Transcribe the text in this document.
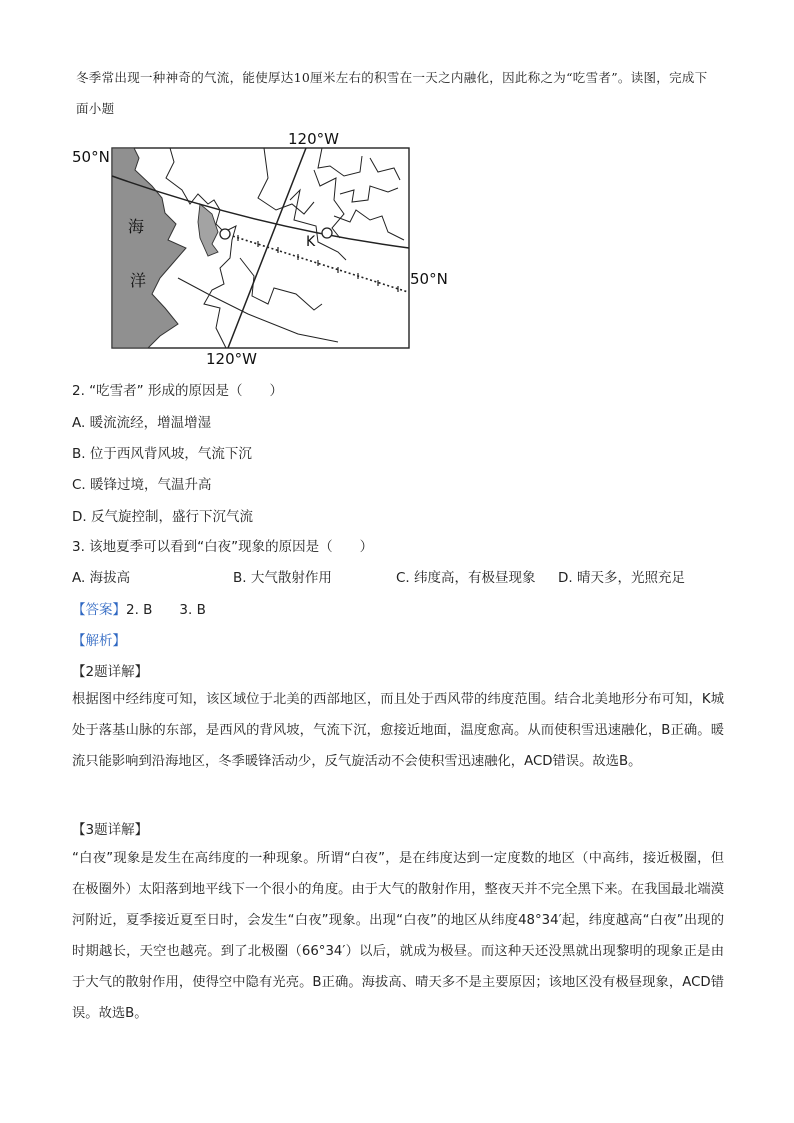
冬季常出现一种神奇的气流，能使厚达10厘米左右的积雪在一天之内融化，因此称之为“吃雪者”。读图，完成下面小题
50°N
50°N
120°W
120°W
海
洋
K
2. “吃雪者” 形成的原因是（　　）
A. 暖流流经，增温增湿
B. 位于西风背风坡，气流下沉
C. 暖锋过境，气温升高
D. 反气旋控制，盛行下沉气流
3. 该地夏季可以看到“白夜”现象的原因是（　　）
A. 海拔高	B. 大气散射作用	C. 纬度高，有极昼现象 D. 晴天多，光照充足
【答案】2. B　　3. B
【解析】
【2题详解】
根据图中经纬度可知，该区域位于北美的西部地区，而且处于西风带的纬度范围。结合北美地形分布可知，K城处于落基山脉的东部，是西风的背风坡，气流下沉，愈接近地面，温度愈高。从而使积雪迅速融化，B正确。暖流只能影响到沿海地区，冬季暖锋活动少，反气旋活动不会使积雪迅速融化，ACD错误。故选B。
【3题详解】
“白夜”现象是发生在高纬度的一种现象。所谓“白夜”，是在纬度达到一定度数的地区（中高纬，接近极圈，但在极圈外）太阳落到地平线下一个很小的角度。由于大气的散射作用，整夜天并不完全黑下来。在我国最北端漠河附近，夏季接近夏至日时，会发生“白夜”现象。出现“白夜”的地区从纬度48°34′起，纬度越高“白夜”出现的时期越长，天空也越亮。到了北极圈（66°34′）以后，就成为极昼。而这种天还没黑就出现黎明的现象正是由于大气的散射作用，使得空中隐有光亮。B正确。海拔高、晴天多不是主要原因；该地区没有极昼现象，ACD错误。故选B。
